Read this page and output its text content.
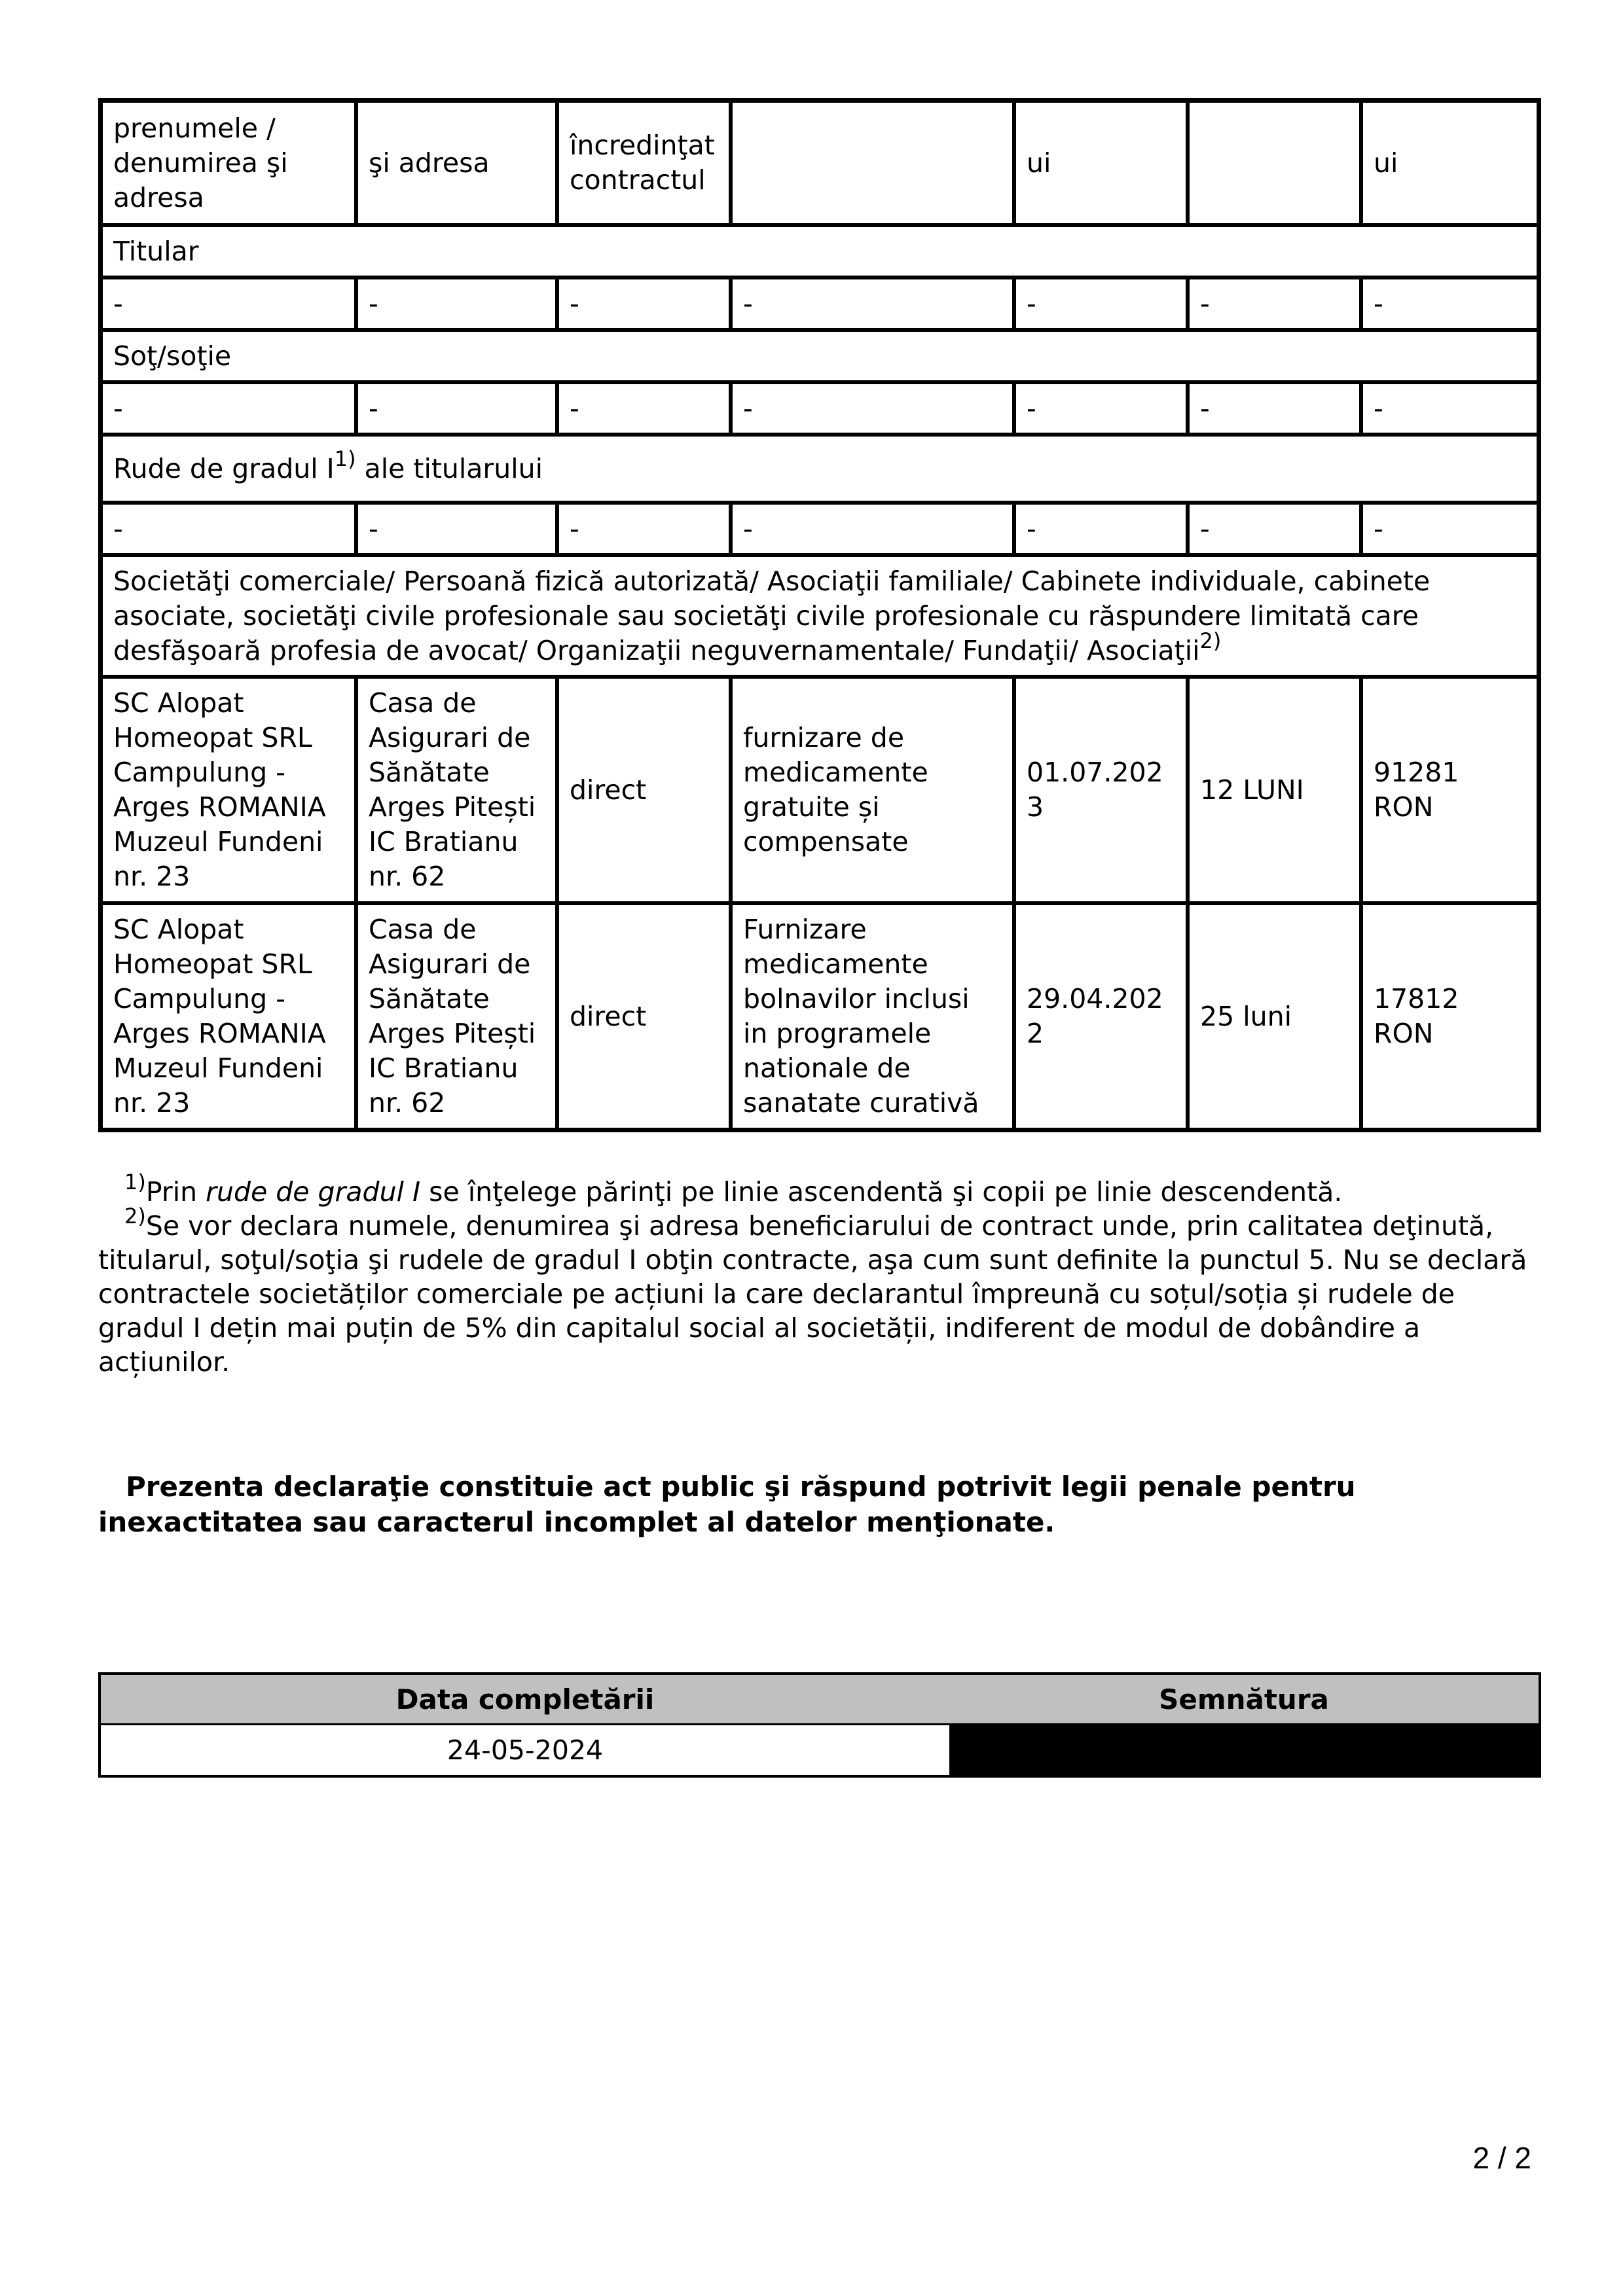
prenumele / denumirea şi adresa	şi adresa	încredinţat contractul		ui		ui
Titular						
-	-	-	-	-	-	-
Soţ/soţie						
-	-	-	-	-	-	-
Rude de gradul $I^{1)}$ ale titularului						
-	-	-	-	-	-	-
Societăţi comerciale/ Persoană fizică autorizată/ Asociaţii familiale/ Cabinete individuale, cabinete asociate, societăţi civile profesionale sau societăţi civile profesionale cu răspundere limitată care desfăşoară profesia de avocat/ Organizaţii neguvernamentale/ Fundaţii/ Asociaţii$^{2)}$
SC Alopat Homeopat SRL Campulung - Arges ROMANIA Muzeul Fundeni nr. 23	Casa de Asigurari de Sănătate Arges Pitești IC Bratianu nr. 62	direct	furnizare de medicamente gratuite și compensate	01.07.2023	12 LUNI	91281 RON
SC Alopat Homeopat SRL Campulung - Arges ROMANIA Muzeul Fundeni nr. 23	Casa de Asigurari de Sănătate Arges Pitești IC Bratianu nr. 62	direct	Furnizare medicamente bolnavilor inclusi in programele nationale de sanatate curativă	29.04.2022	25 luni	17812 RON
$^{1)}$Prin rude de gradul I se înţelege părinţi pe linie ascendentă şi copii pe linie descendentă.
$^{2)}$Se vor declara numele, denumirea şi adresa beneficiarului de contract unde, prin calitatea deţinută, titularul, soţul/soţia şi rudele de gradul I obţin contracte, aşa cum sunt definite la punctul 5. Nu se declară contractele societăților comerciale pe acțiuni la care declarantul împreună cu soțul/soția și rudele de gradul I dețin mai puțin de 5% din capitalul social al societății, indiferent de modul de dobândire a acțiunilor.
Prezenta declaraţie constituie act public şi răspund potrivit legii penale pentru inexactitatea sau caracterul incomplet al datelor menţionate.
Data completării	Semnătura
24-05-2024	
2 / 2
